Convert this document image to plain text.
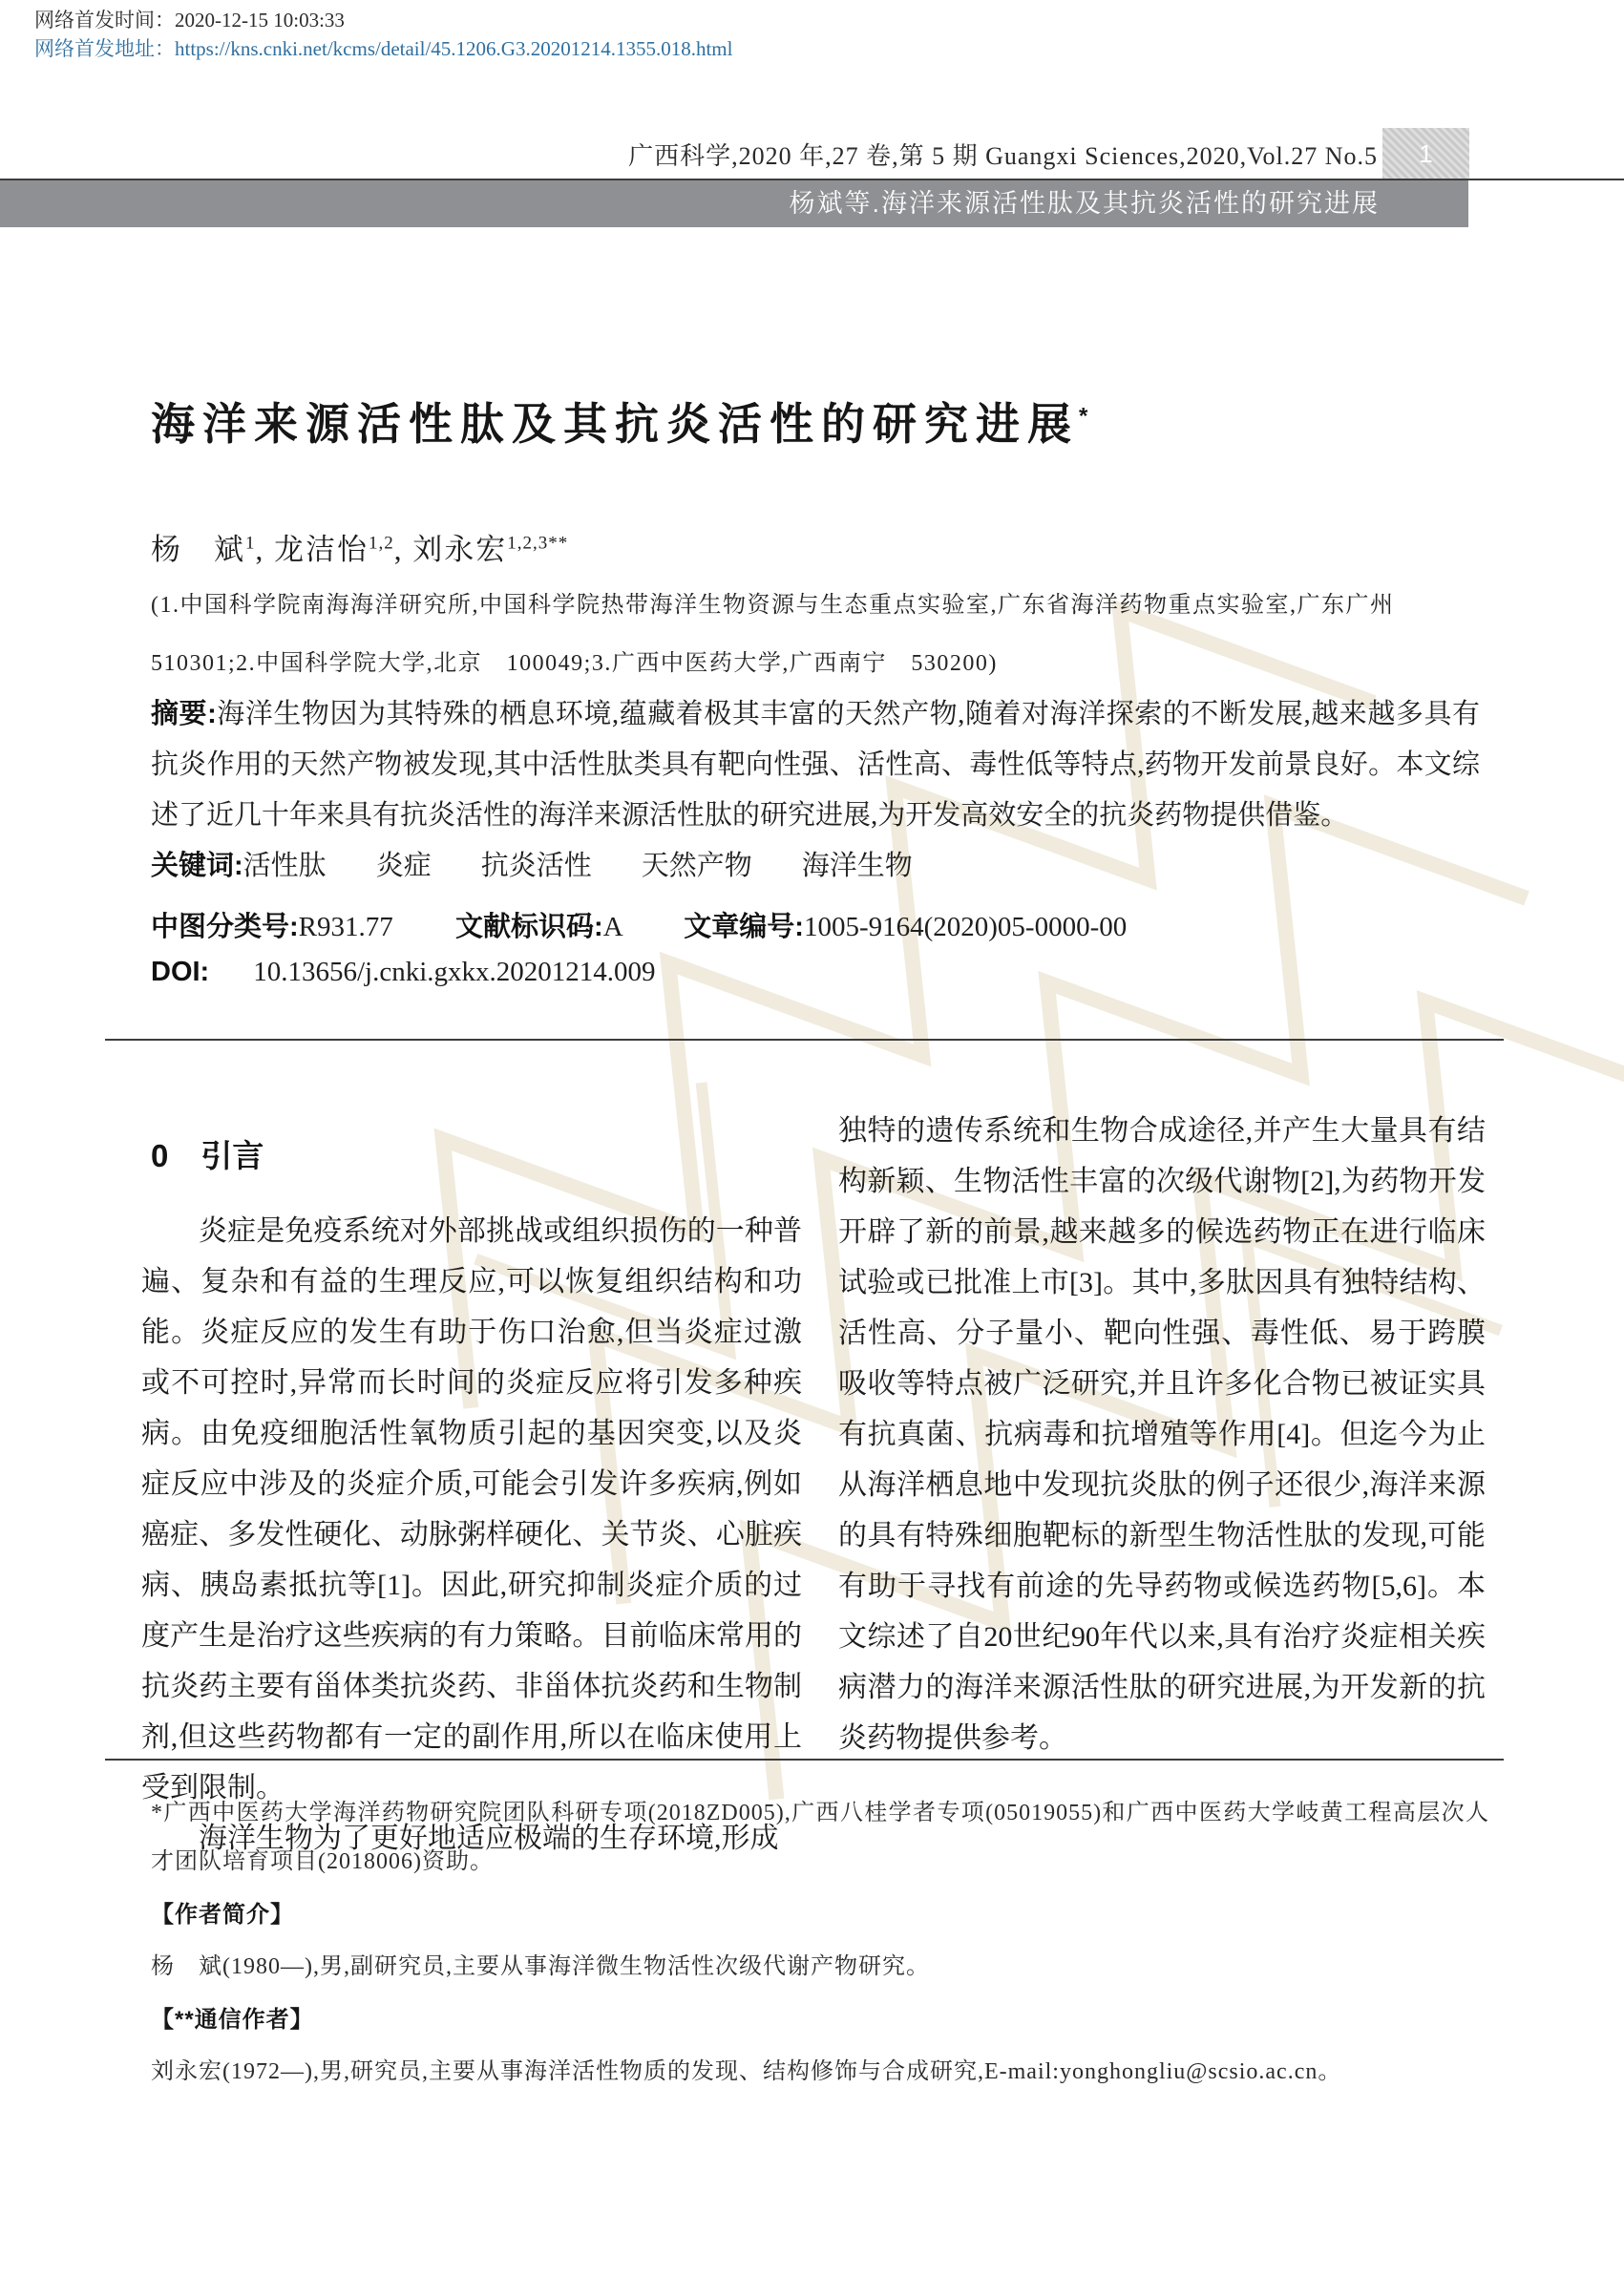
网络首发时间：2020-12-15 10:03:33
网络首发地址：https://kns.cnki.net/kcms/detail/45.1206.G3.20201214.1355.018.html
广西科学,2020 年,27 卷,第 5 期 Guangxi Sciences,2020,Vol.27 No.5 1
杨斌等.海洋来源活性肽及其抗炎活性的研究进展
海洋来源活性肽及其抗炎活性的研究进展*
杨　斌$^1$, 龙洁怡$^{1,2}$, 刘永宏$^{1,2,3**}$
(1.中国科学院南海海洋研究所,中国科学院热带海洋生物资源与生态重点实验室,广东省海洋药物重点实验室,广东广州
510301;2.中国科学院大学,北京　100049;3.广西中医药大学,广西南宁　530200)

摘要:海洋生物因为其特殊的栖息环境,蕴藏着极其丰富的天然产物,随着对海洋探索的不断发展,越来越多具有抗炎作用的天然产物被发现,其中活性肽类具有靶向性强、活性高、毒性低等特点,药物开发前景良好。本文综述了近几十年来具有抗炎活性的海洋来源活性肽的研究进展,为开发高效安全的抗炎药物提供借鉴。

关键词:活性肽 炎症 抗炎活性 天然产物 海洋生物

中图分类号:R931.77 文献标识码:A 文章编号:1005-9164(2020)05-0000-00
DOI: 10.13656/j.cnki.gxkx.20201214.009
0 引言

炎症是免疫系统对外部挑战或组织损伤的一种普遍、复杂和有益的生理反应,可以恢复组织结构和功能。炎症反应的发生有助于伤口治愈,但当炎症过激或不可控时,异常而长时间的炎症反应将引发多种疾病。由免疫细胞活性氧物质引起的基因突变,以及炎症反应中涉及的炎症介质,可能会引发许多疾病,例如癌症、多发性硬化、动脉粥样硬化、关节炎、心脏疾病、胰岛素抵抗等[1]。因此,研究抑制炎症介质的过度产生是治疗这些疾病的有力策略。目前临床常用的抗炎药主要有甾体类抗炎药、非甾体抗炎药和生物制剂,但这些药物都有一定的副作用,所以在临床使用上受到限制。

海洋生物为了更好地适应极端的生存环境,形成

独特的遗传系统和生物合成途径,并产生大量具有结构新颖、生物活性丰富的次级代谢物[2],为药物开发开辟了新的前景,越来越多的候选药物正在进行临床试验或已批准上市[3]。其中,多肽因具有独特结构、活性高、分子量小、靶向性强、毒性低、易于跨膜吸收等特点被广泛研究,并且许多化合物已被证实具有抗真菌、抗病毒和抗增殖等作用[4]。但迄今为止从海洋栖息地中发现抗炎肽的例子还很少,海洋来源的具有特殊细胞靶标的新型生物活性肽的发现,可能有助于寻找有前途的先导药物或候选药物[5,6]。本文综述了自20世纪90年代以来,具有治疗炎症相关疾病潜力的海洋来源活性肽的研究进展,为开发新的抗炎药物提供参考。

*广西中医药大学海洋药物研究院团队科研专项(2018ZD005),广西八桂学者专项(05019055)和广西中医药大学岐黄工程高层次人才团队培育项目(2018006)资助。

【作者简介】

杨　斌(1980—),男,副研究员,主要从事海洋微生物活性次级代谢产物研究。

【**通信作者】

刘永宏(1972—),男,研究员,主要从事海洋活性物质的发现、结构修饰与合成研究,E-mail:yonghongliu@scsio.ac.cn。
